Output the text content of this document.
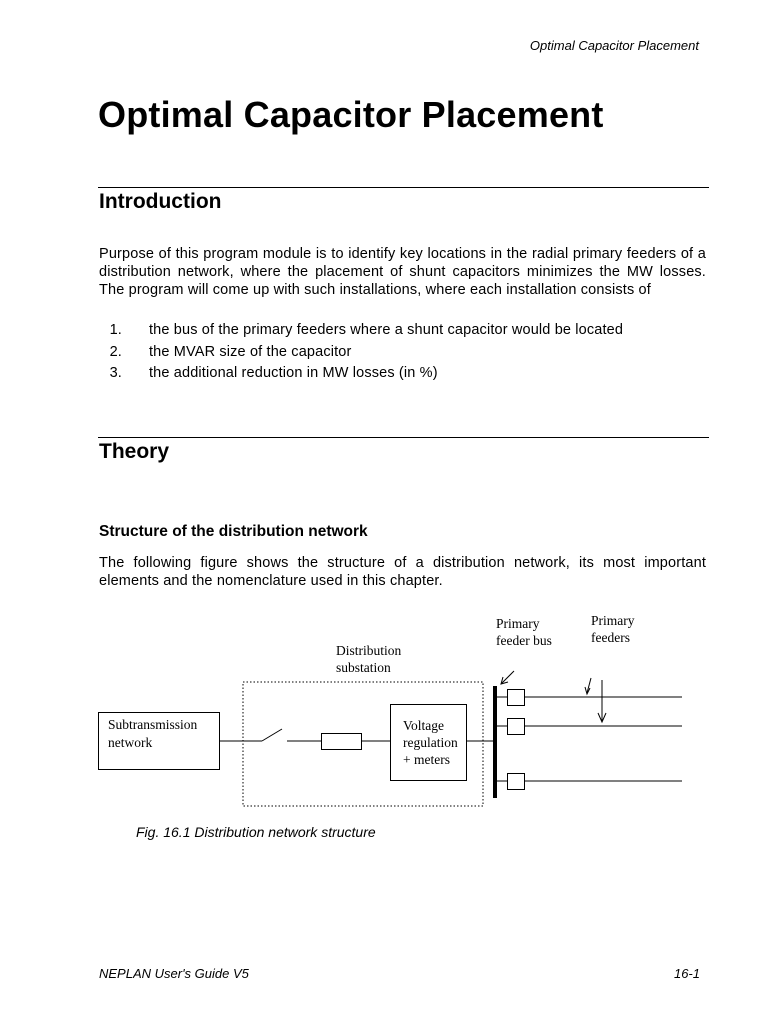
Optimal Capacitor Placement
Optimal Capacitor Placement
Introduction

Purpose of this program module is to identify key locations in the radial primary feeders of a distribution network, where the placement of shunt capacitors minimizes the MW losses. The program will come up with such installations, where each installation consists of

1. the bus of the primary feeders where a shunt capacitor would be located
2. the MVAR size of the capacitor
3. the additional reduction in MW losses (in %)
Theory
Structure of the distribution network

The following figure shows the structure of a distribution network, its most important elements and the nomenclature used in this chapter.

Subtransmission
network
Voltage
regulation
+ meters
Primary
feeder bus
Primary
feeders
Distribution
substation
Fig. 16.1 Distribution network structure
NEPLAN User's Guide V5	16-1
